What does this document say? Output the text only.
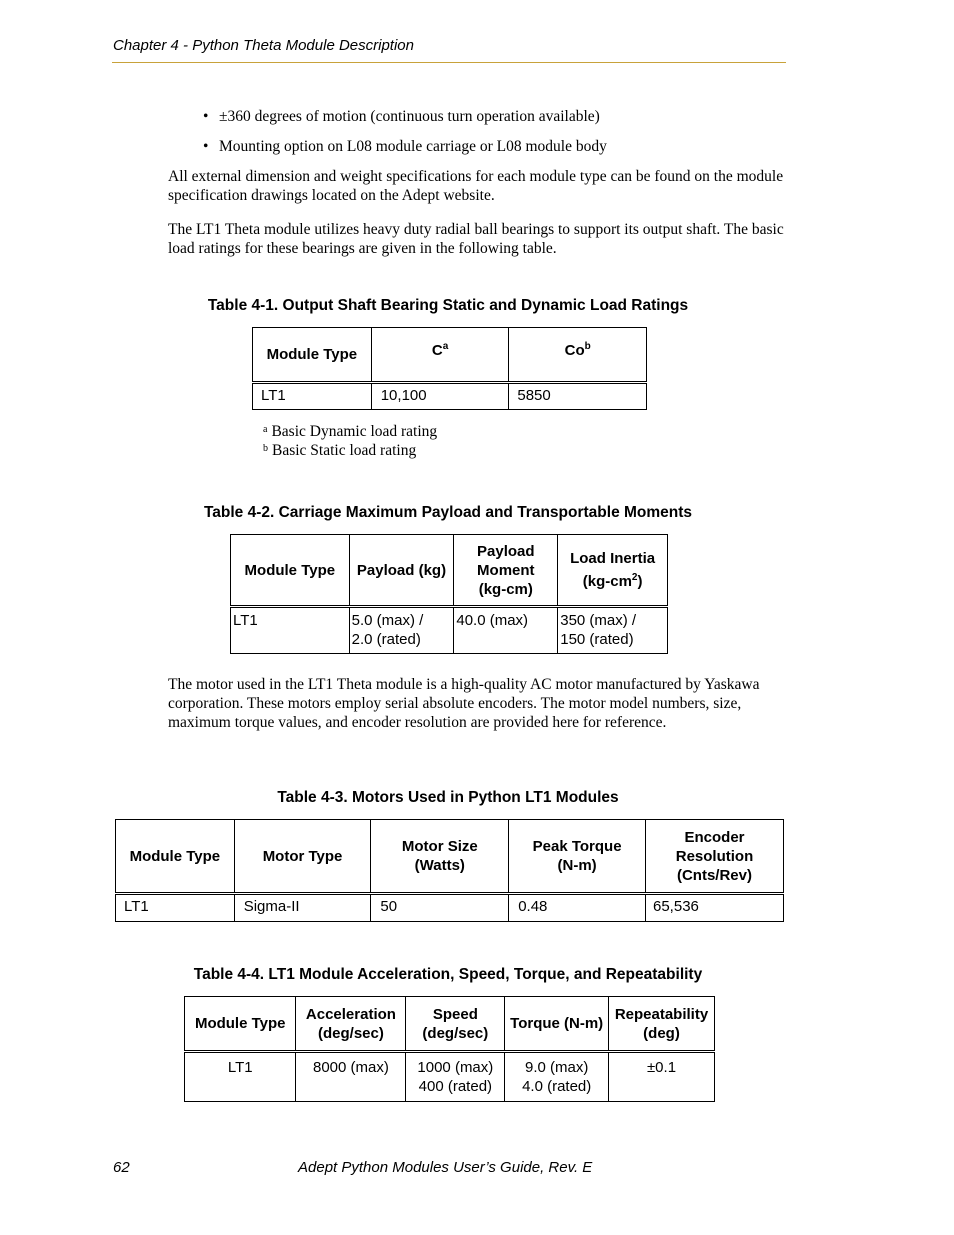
Chapter 4 - Python Theta Module Description
• ±360 degrees of motion (continuous turn operation available)
• Mounting option on L08 module carriage or L08 module body
All external dimension and weight specifications for each module type can be found on the module specification drawings located on the Adept website.
The LT1 Theta module utilizes heavy duty radial ball bearings to support its output shaft. The basic load ratings for these bearings are given in the following table.
Table 4-1. Output Shaft Bearing Static and Dynamic Load Ratings
Module Type	$C^a$	Co$^b$
LT1	10,100	5850
$^a$ Basic Dynamic load rating
$^b$ Basic Static load rating
Table 4-2. Carriage Maximum Payload and Transportable Moments
Module Type	Payload (kg)	Payload Moment (kg-cm)	Load Inertia $(kg-cm^2)$
LT1	5.0 (max) / 2.0 (rated)	40.0 (max)	350 (max) / 150 (rated)
The motor used in the LT1 Theta module is a high-quality AC motor manufactured by Yaskawa corporation. These motors employ serial absolute encoders. The motor model numbers, size, maximum torque values, and encoder resolution are provided here for reference.
Table 4-3. Motors Used in Python LT1 Modules
Module Type	Motor Type	Motor Size (Watts)	Peak Torque (N-m)	Encoder Resolution (Cnts/Rev)
LT1	Sigma-II	50	0.48	65,536
Table 4-4. LT1 Module Acceleration, Speed, Torque, and Repeatability
Module Type	Acceleration (deg/sec)	Speed (deg/sec)	Torque (N-m)	Repeatability (deg)
LT1	8000 (max)	1000 (max) 400 (rated)	9.0 (max) 4.0 (rated)	±0.1
62	Adept Python Modules User’s Guide, Rev. E
